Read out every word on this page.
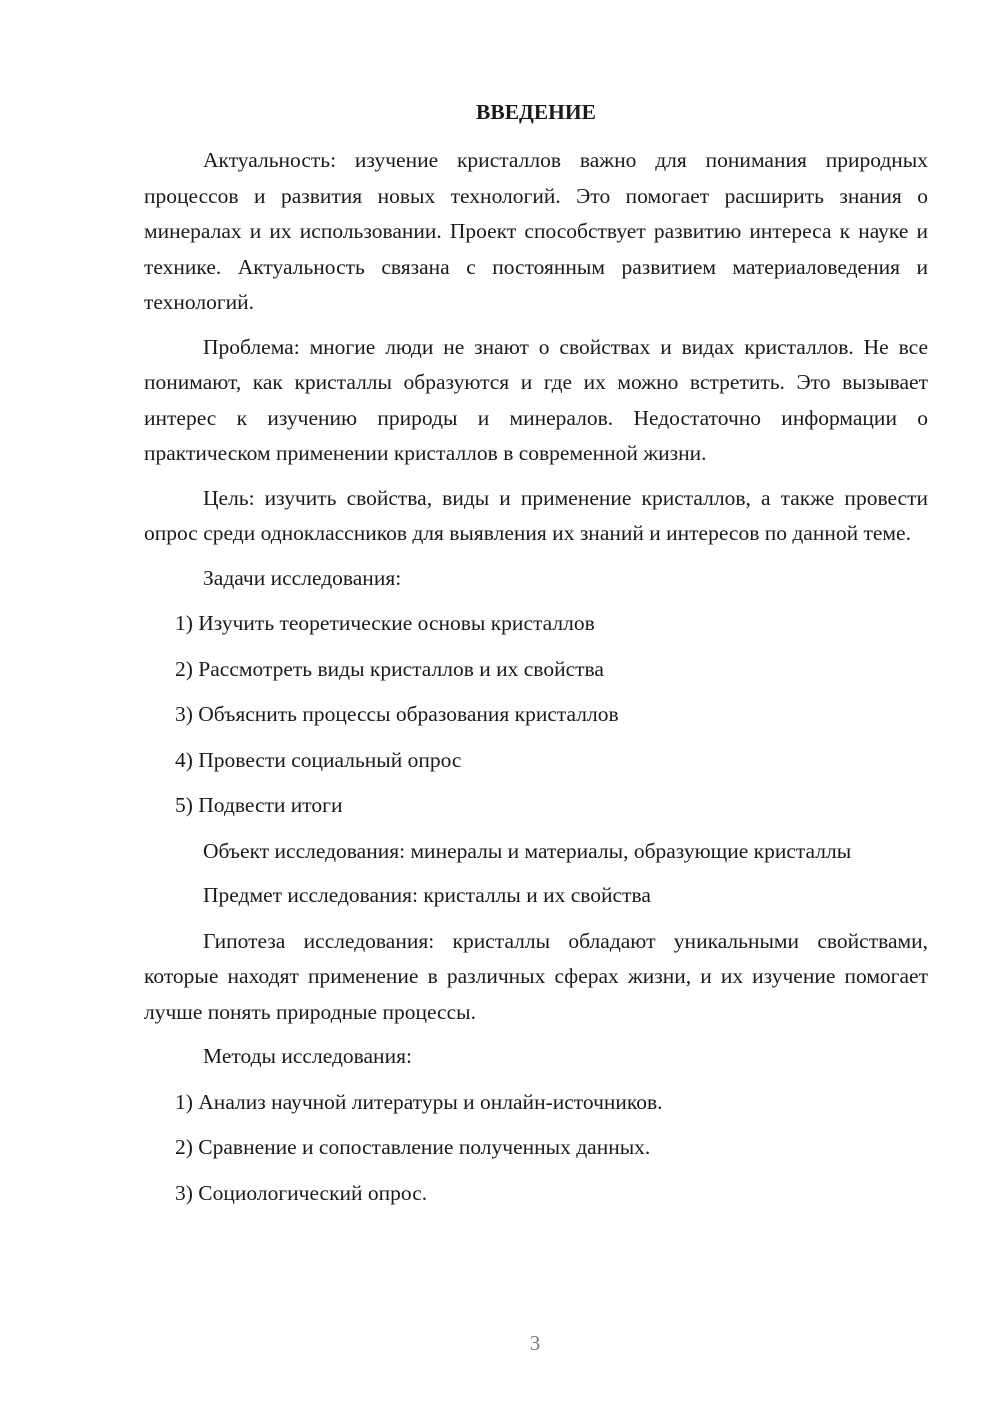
ВВЕДЕНИЕ

Актуальность: изучение кристаллов важно для понимания природных процессов и развития новых технологий. Это помогает расширить знания о минералах и их использовании. Проект способствует развитию интереса к науке и технике. Актуальность связана с постоянным развитием материаловедения и технологий.

Проблема: многие люди не знают о свойствах и видах кристаллов. Не все понимают, как кристаллы образуются и где их можно встретить. Это вызывает интерес к изучению природы и минералов. Недостаточно информации о практическом применении кристаллов в современной жизни.

Цель: изучить свойства, виды и применение кристаллов, а также провести опрос среди одноклассников для выявления их знаний и интересов по данной теме.

Задачи исследования:

1) Изучить теоретические основы кристаллов
2) Рассмотреть виды кристаллов и их свойства
3) Объяснить процессы образования кристаллов
4) Провести социальный опрос
5) Подвести итоги

Объект исследования: минералы и материалы, образующие кристаллы

Предмет исследования: кристаллы и их свойства

Гипотеза исследования: кристаллы обладают уникальными свойствами, которые находят применение в различных сферах жизни, и их изучение помогает лучше понять природные процессы.

Методы исследования:

1) Анализ научной литературы и онлайн-источников.
2) Сравнение и сопоставление полученных данных.
3) Социологический опрос.
3
